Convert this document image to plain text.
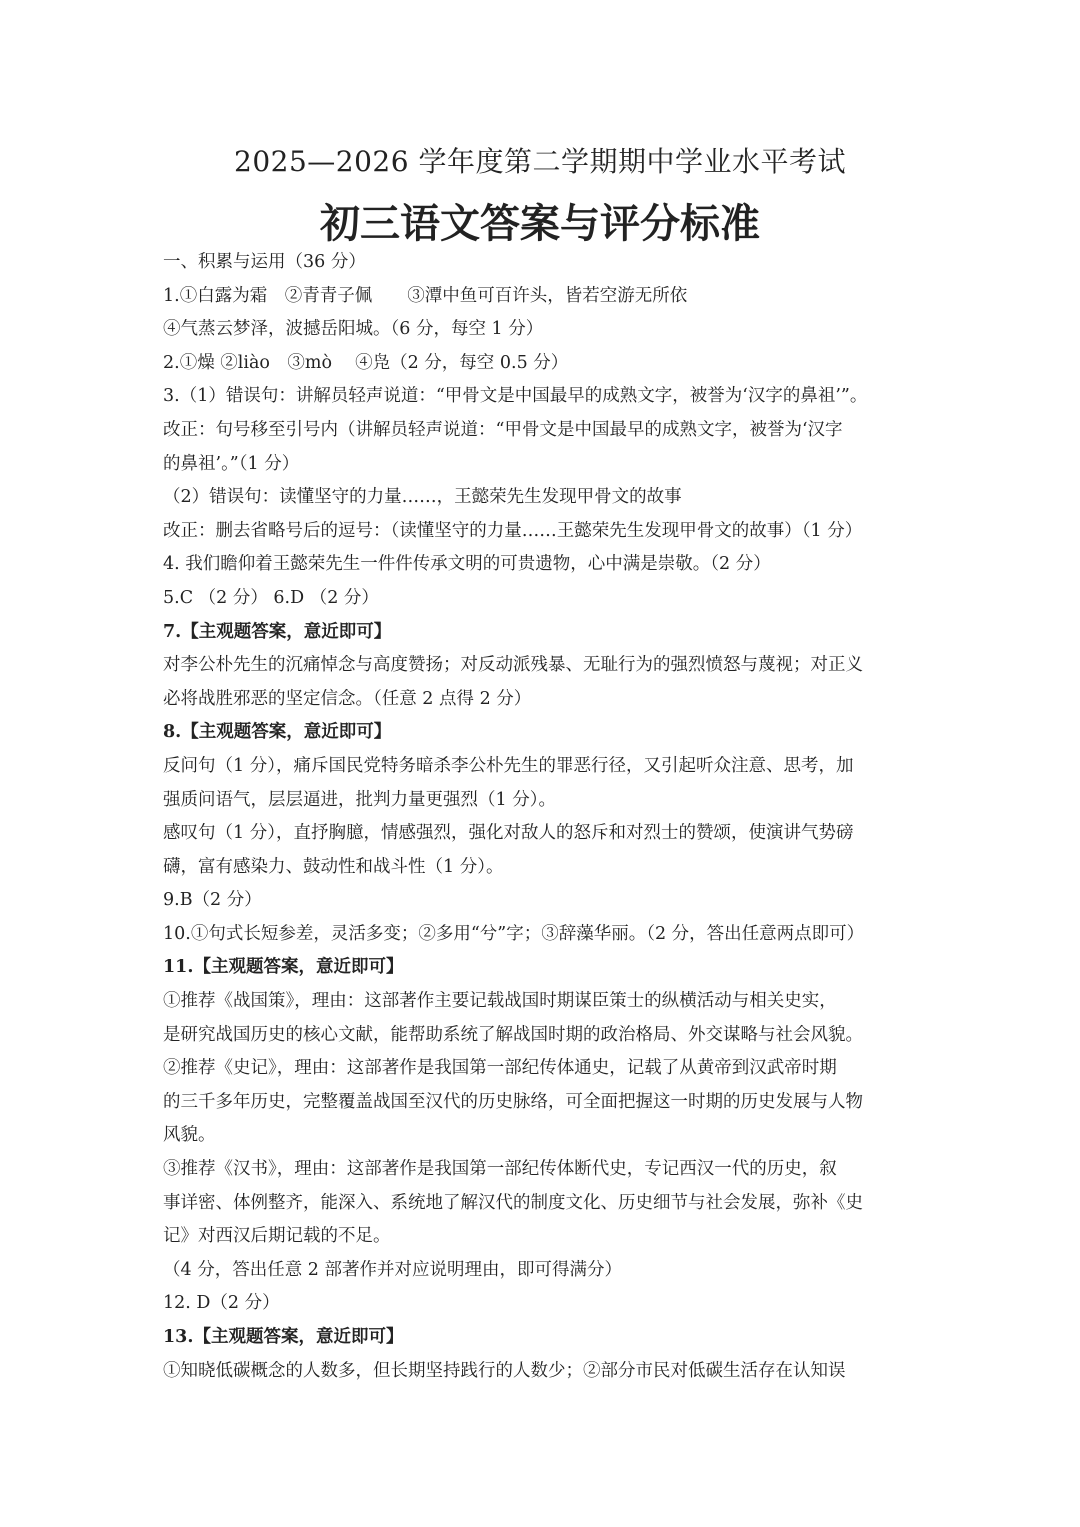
2025—2026 学年度第二学期期中学业水平考试
初三语文答案与评分标准
一、积累与运用（36 分）
1.①白露为霜　②青青子佩　　③潭中鱼可百许头，皆若空游无所依
④气蒸云梦泽，波撼岳阳城。（6 分，每空 1 分）
2.①燥 ②liào　③mò　 ④凫（2 分，每空 0.5 分）
3.（1）错误句：讲解员轻声说道：“甲骨文是中国最早的成熟文字，被誉为‘汉字的鼻祖’”。
改正：句号移至引号内（讲解员轻声说道：“甲骨文是中国最早的成熟文字，被誉为‘汉字
的鼻祖’。”（1 分）
（2）错误句：读懂坚守的力量……，王懿荣先生发现甲骨文的故事
改正：删去省略号后的逗号：（读懂坚守的力量……王懿荣先生发现甲骨文的故事）（1 分）
4. 我们瞻仰着王懿荣先生一件件传承文明的可贵遗物，心中满是崇敬。（2 分）
5.C （2 分） 6.D （2 分）
7.【主观题答案，意近即可】
对李公朴先生的沉痛悼念与高度赞扬；对反动派残暴、无耻行为的强烈愤怒与蔑视；对正义
必将战胜邪恶的坚定信念。（任意 2 点得 2 分）
8.【主观题答案，意近即可】
反问句（1 分），痛斥国民党特务暗杀李公朴先生的罪恶行径，又引起听众注意、思考，加
强质问语气，层层逼进，批判力量更强烈（1 分）。
感叹句（1 分），直抒胸臆，情感强烈，强化对敌人的怒斥和对烈士的赞颂，使演讲气势磅
礴，富有感染力、鼓动性和战斗性（1 分）。
9.B（2 分）
10.①句式长短参差，灵活多变；②多用“兮”字；③辞藻华丽。（2 分，答出任意两点即可）
11.【主观题答案，意近即可】
①推荐《战国策》，理由：这部著作主要记载战国时期谋臣策士的纵横活动与相关史实，
是研究战国历史的核心文献，能帮助系统了解战国时期的政治格局、外交谋略与社会风貌。
②推荐《史记》，理由：这部著作是我国第一部纪传体通史，记载了从黄帝到汉武帝时期
的三千多年历史，完整覆盖战国至汉代的历史脉络，可全面把握这一时期的历史发展与人物
风貌。
③推荐《汉书》，理由：这部著作是我国第一部纪传体断代史，专记西汉一代的历史，叙
事详密、体例整齐，能深入、系统地了解汉代的制度文化、历史细节与社会发展，弥补《史
记》对西汉后期记载的不足。
（4 分，答出任意 2 部著作并对应说明理由，即可得满分）
12. D（2 分）
13.【主观题答案，意近即可】
①知晓低碳概念的人数多，但长期坚持践行的人数少；②部分市民对低碳生活存在认知误
